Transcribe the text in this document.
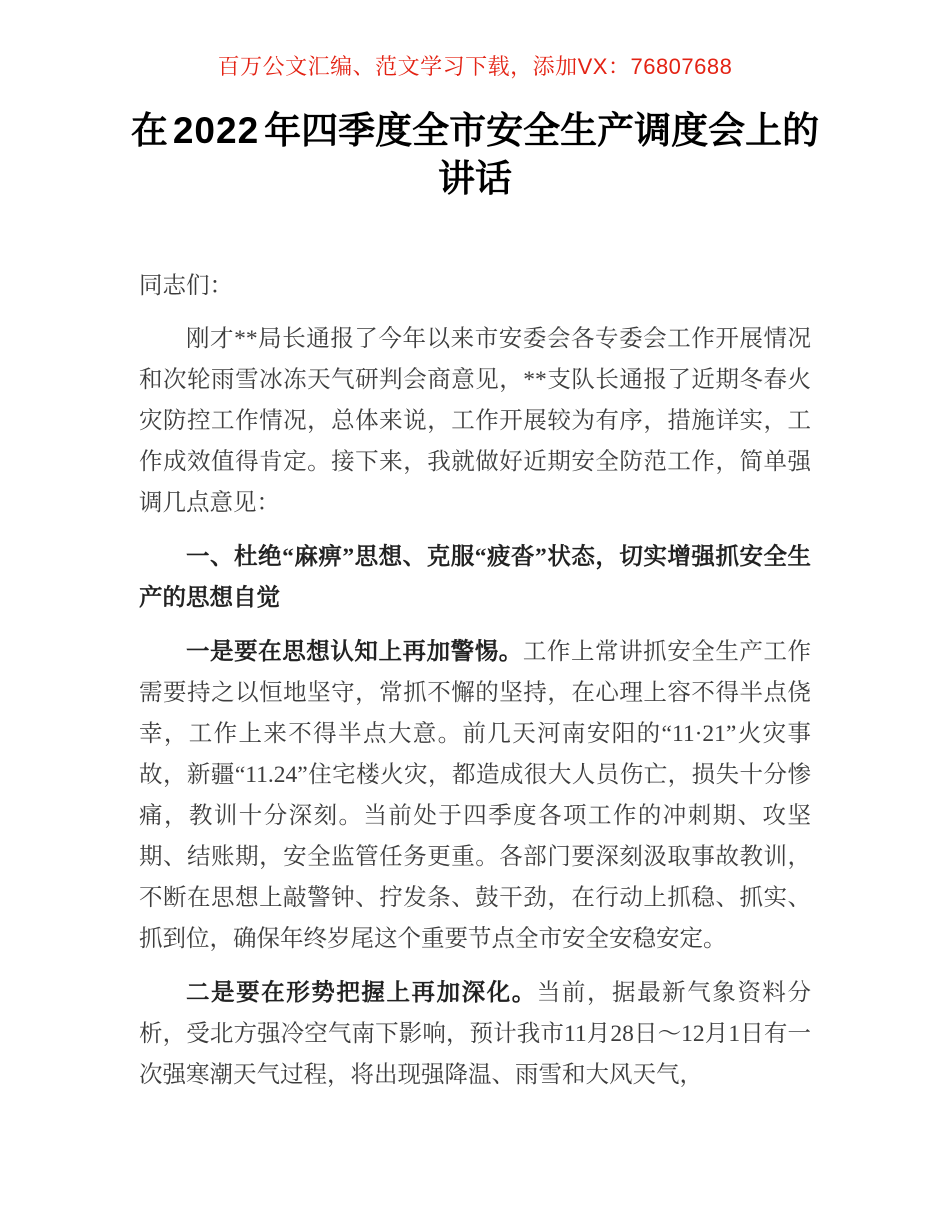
百万公文汇编、范文学习下载，添加VX：76807688
在 2022 年四季度全市安全生产调度会上的讲话

同志们：

刚才**局长通报了今年以来市安委会各专委会工作开展情况和次轮雨雪冰冻天气研判会商意见，**支队长通报了近期冬春火灾防控工作情况，总体来说，工作开展较为有序，措施详实，工作成效值得肯定。接下来，我就做好近期安全防范工作，简单强调几点意见：

一、杜绝“麻痹”思想、克服“疲沓”状态，切实增强抓安全生产的思想自觉

一是要在思想认知上再加警惕。工作上常讲抓安全生产工作需要持之以恒地坚守，常抓不懈的坚持，在心理上容不得半点侥幸，工作上来不得半点大意。前几天河南安阳的“11·21”火灾事故，新疆“11.24”住宅楼火灾，都造成很大人员伤亡，损失十分惨痛，教训十分深刻。当前处于四季度各项工作的冲刺期、攻坚期、结账期，安全监管任务更重。各部门要深刻汲取事故教训，不断在思想上敲警钟、拧发条、鼓干劲，在行动上抓稳、抓实、抓到位，确保年终岁尾这个重要节点全市安全安稳安定。

二是要在形势把握上再加深化。当前，据最新气象资料分析，受北方强冷空气南下影响，预计我市11月28日～12月1日有一次强寒潮天气过程，将出现强降温、雨雪和大风天气，
